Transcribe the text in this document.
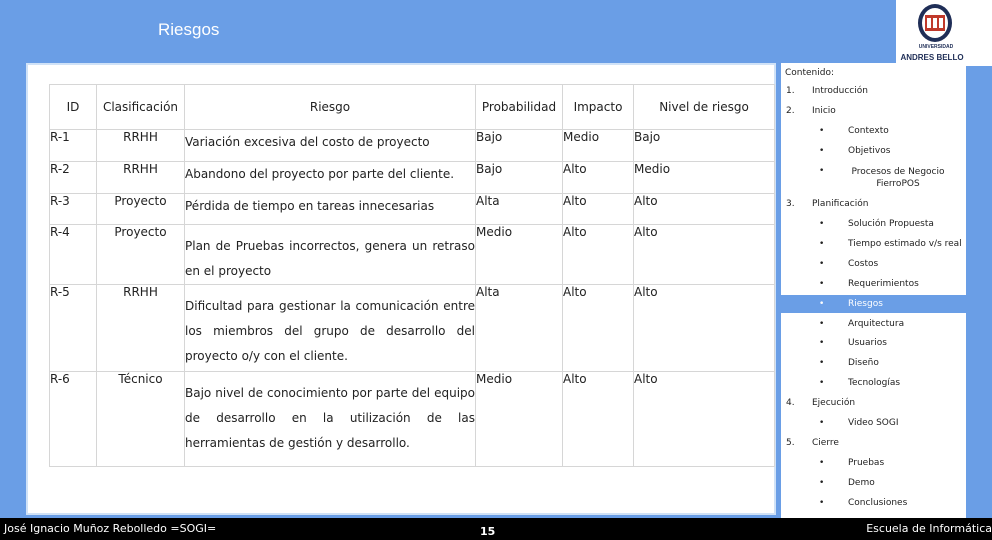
Riesgos
UNIVERSIDAD
ANDRES BELLO
ID	Clasificación	Riesgo	Probabilidad	Impacto	Nivel de riesgo
R-1	RRHH	Variación excesiva del costo de proyecto	Bajo	Medio	Bajo
R-2	RRHH	Abandono del proyecto por parte del cliente.	Bajo	Alto	Medio
R-3	Proyecto	Pérdida de tiempo en tareas innecesarias	Alta	Alto	Alto
R-4	Proyecto	Plan de Pruebas incorrectos, genera un retraso en el proyecto	Medio	Alto	Alto
R-5	RRHH	Dificultad para gestionar la comunicación entre los miembros del grupo de desarrollo del proyecto o/y con el cliente.	Alta	Alto	Alto
R-6	Técnico	Bajo nivel de conocimiento por parte del equipo de desarrollo en la utilización de las herramientas de gestión y desarrollo.	Medio	Alto	Alto
Contenido:
1. Introducción
2. Inicio
•	Contexto
•	Objetivos
•	Procesos de Negocio FierroPOS
3. Planificación
•	Solución Propuesta
•	Tiempo estimado v/s real
•	Costos
•	Requerimientos
•	Riesgos
•	Arquitectura
•	Usuarios
•	Diseño
•	Tecnologías
4. Ejecución
•	Video SOGI
5. Cierre
•	Pruebas
•	Demo
•	Conclusiones
José Ignacio Muñoz Rebolledo =SOGI=	15	Escuela de Informática
